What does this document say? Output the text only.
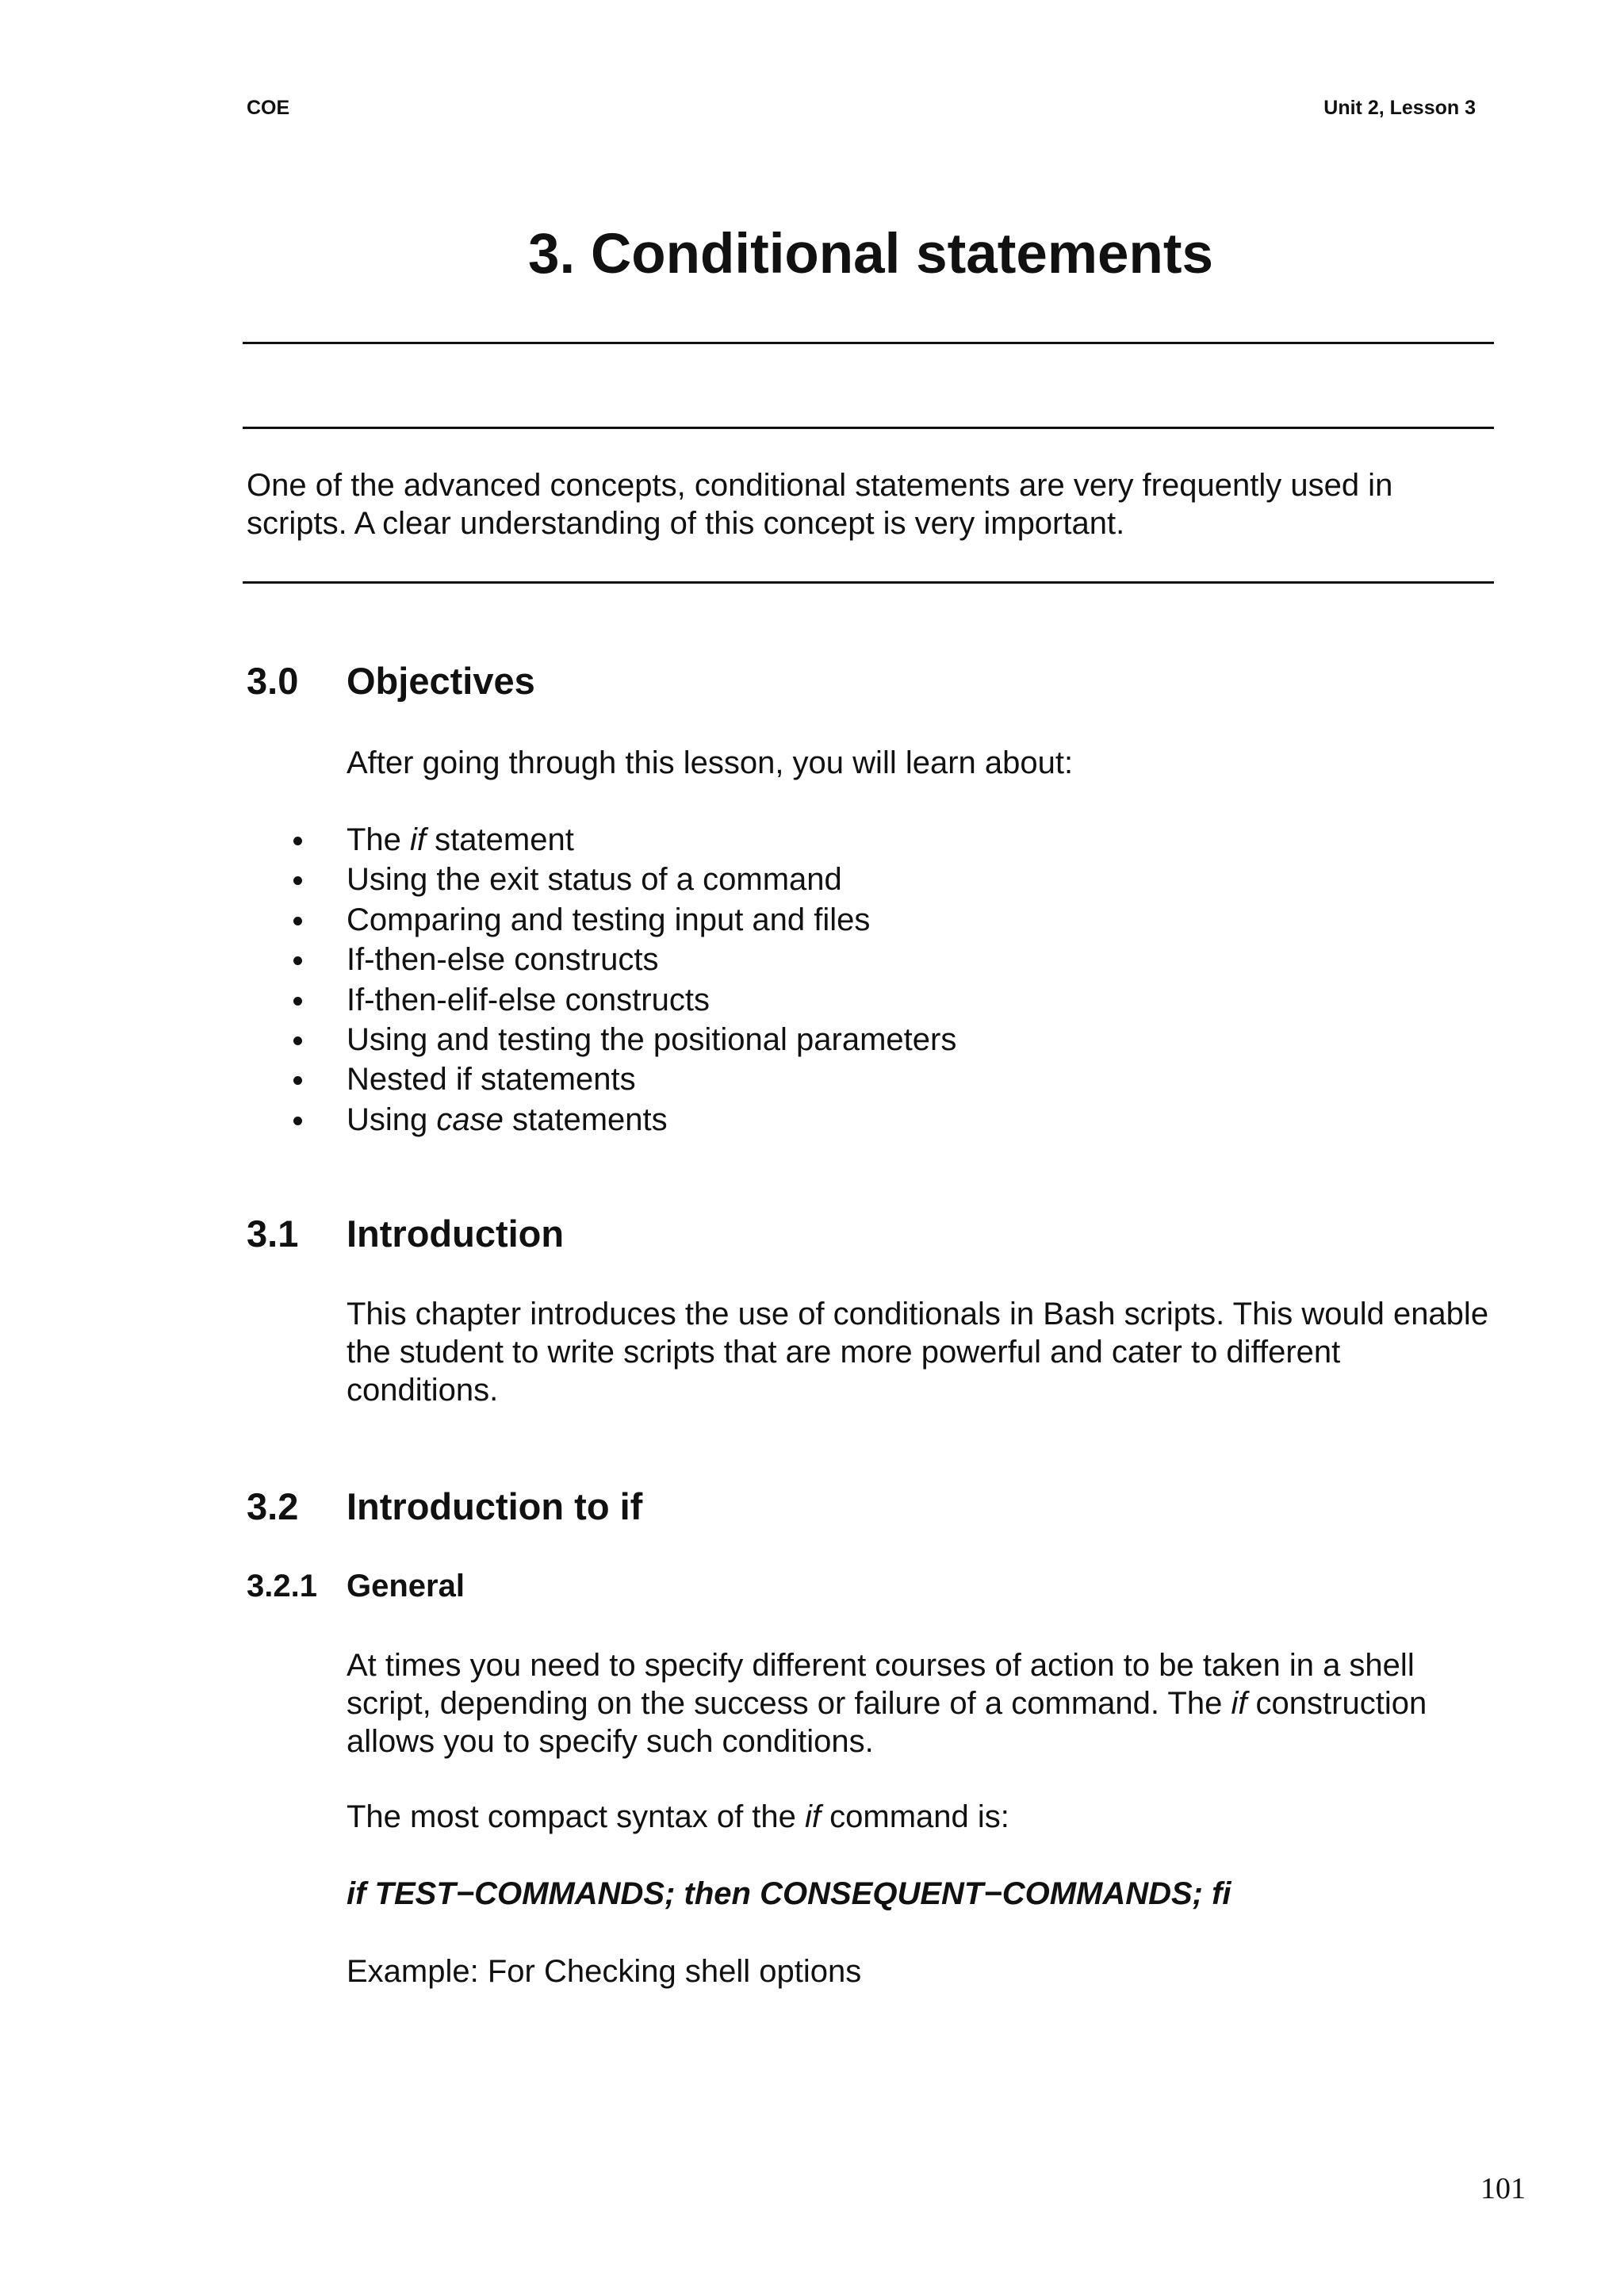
COE	Unit 2, Lesson 3
3. Conditional statements
One of the advanced concepts, conditional statements are very frequently used in scripts. A clear understanding of this concept is very important.
3.0 Objectives
After going through this lesson, you will learn about:
The if statement
Using the exit status of a command
Comparing and testing input and files
If-then-else constructs
If-then-elif-else constructs
Using and testing the positional parameters
Nested if statements
Using case statements
3.1 Introduction
This chapter introduces the use of conditionals in Bash scripts. This would enable the student to write scripts that are more powerful and cater to different conditions.
3.2 Introduction to if
3.2.1 General
At times you need to specify different courses of action to be taken in a shell script, depending on the success or failure of a command. The if construction allows you to specify such conditions.
The most compact syntax of the if command is:
if TEST−COMMANDS; then CONSEQUENT−COMMANDS; fi
Example: For Checking shell options
101
